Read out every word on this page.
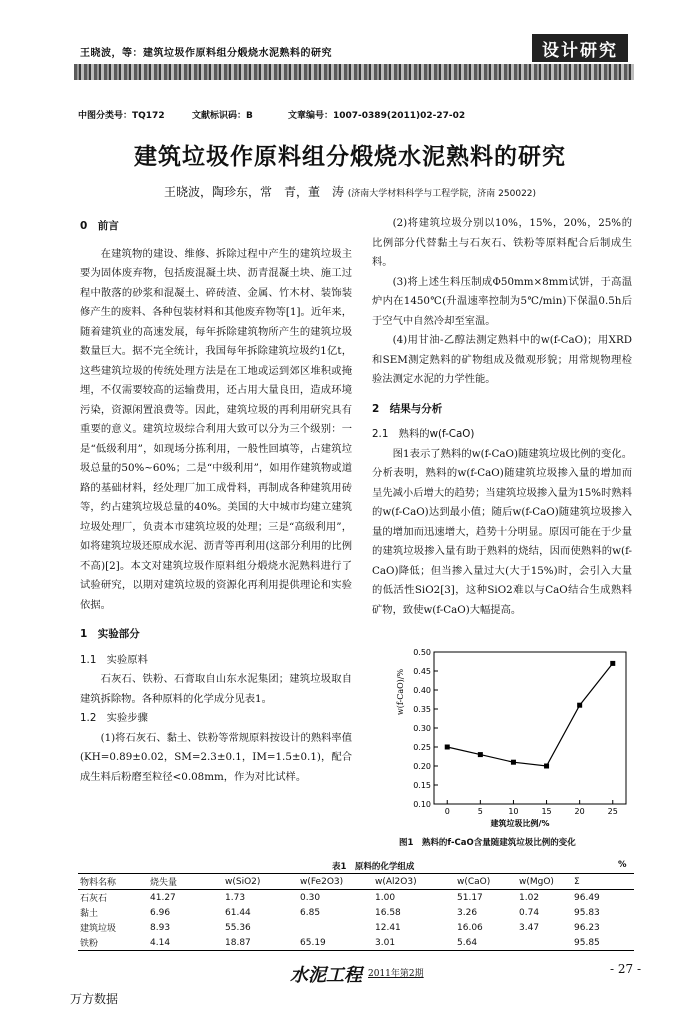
王晓波，等：建筑垃圾作原料组分煅烧水泥熟料的研究	设计研究
中图分类号：TQ172	文献标识码：B	文章编号：1007-0389(2011)02-27-02
建筑垃圾作原料组分煅烧水泥熟料的研究
王晓波，陶珍东，常　青，董　涛 (济南大学材料科学与工程学院，济南 250022)

0　前言

在建筑物的建设、维修、拆除过程中产生的建筑垃圾主要为固体废弃物，包括废混凝土块、沥青混凝土块、施工过程中散落的砂浆和混凝土、碎砖渣、金属、竹木材、装饰装修产生的废料、各种包装材料和其他废弃物等[1]。近年来，随着建筑业的高速发展，每年拆除建筑物所产生的建筑垃圾数量巨大。据不完全统计，我国每年拆除建筑垃圾约1亿t，这些建筑垃圾的传统处理方法是在工地或运到郊区堆积或掩埋，不仅需要较高的运输费用，还占用大量良田，造成环境污染，资源闲置浪费等。因此，建筑垃圾的再利用研究具有重要的意义。建筑垃圾综合利用大致可以分为三个级别：一是“低级利用”，如现场分拣利用，一般性回填等，占建筑垃圾总量的50%~60%；二是“中级利用”，如用作建筑物或道路的基础材料，经处理厂加工成骨料，再制成各种建筑用砖等，约占建筑垃圾总量的40%。美国的大中城市均建立建筑垃圾处理厂，负责本市建筑垃圾的处理；三是“高级利用”，如将建筑垃圾还原成水泥、沥青等再利用(这部分利用的比例不高)[2]。本文对建筑垃圾作原料组分煅烧水泥熟料进行了试验研究，以期对建筑垃圾的资源化再利用提供理论和实验依据。

1　实验部分

1.1　实验原料

石灰石、铁粉、石膏取自山东水泥集团；建筑垃圾取自建筑拆除物。各种原料的化学成分见表1。

1.2　实验步骤

(1)将石灰石、黏土、铁粉等常规原料按设计的熟料率值(KH=0.89±0.02，SM=2.3±0.1，IM=1.5±0.1)，配合成生料后粉磨至粒径<0.08mm，作为对比试样。

(2)将建筑垃圾分别以10%，15%，20%，25%的比例部分代替黏土与石灰石、铁粉等原料配合后制成生料。

(3)将上述生料压制成Φ50mm×8mm试饼，于高温炉内在1450℃(升温速率控制为5℃/min)下保温0.5h后于空气中自然冷却至室温。

(4)用甘油-乙醇法测定熟料中的w(f-CaO)；用XRD和SEM测定熟料的矿物组成及微观形貌；用常规物理检验法测定水泥的力学性能。

2　结果与分析

2.1　熟料的w(f-CaO)

图1表示了熟料的w(f-CaO)随建筑垃圾比例的变化。分析表明，熟料的w(f-CaO)随建筑垃圾掺入量的增加而呈先减小后增大的趋势；当建筑垃圾掺入量为15%时熟料的w(f-CaO)达到最小值；随后w(f-CaO)随建筑垃圾掺入量的增加而迅速增大，趋势十分明显。原因可能在于少量的建筑垃圾掺入量有助于熟料的烧结，因而使熟料的w(f-CaO)降低；但当掺入量过大(大于15%)时，会引入大量的低活性SiO2[3]，这种SiO2难以与CaO结合生成熟料矿物，致使w(f-CaO)大幅提高。

0.10
0.15
0.20
0.25
0.30
0.35
0.40
0.45
0.50
0	5	10	15	20	25
建筑垃圾比例/%
w(f-CaO)/%
图1　熟料的f-CaO含量随建筑垃圾比例的变化
表1　原料的化学组成	%
物料名称	烧失量	w(SiO2)	w(Fe2O3)	w(Al2O3)	w(CaO)	w(MgO)	Σ
石灰石	41.27	1.73	0.30	1.00	51.17	1.02	96.49
黏土	6.96	61.44	6.85	16.58	3.26	0.74	95.83
建筑垃圾	8.93	55.36		12.41	16.06	3.47	96.23
铁粉	4.14	18.87	65.19	3.01	5.64		95.85
水泥工程 2011年第2期	- 27 -
万方数据
